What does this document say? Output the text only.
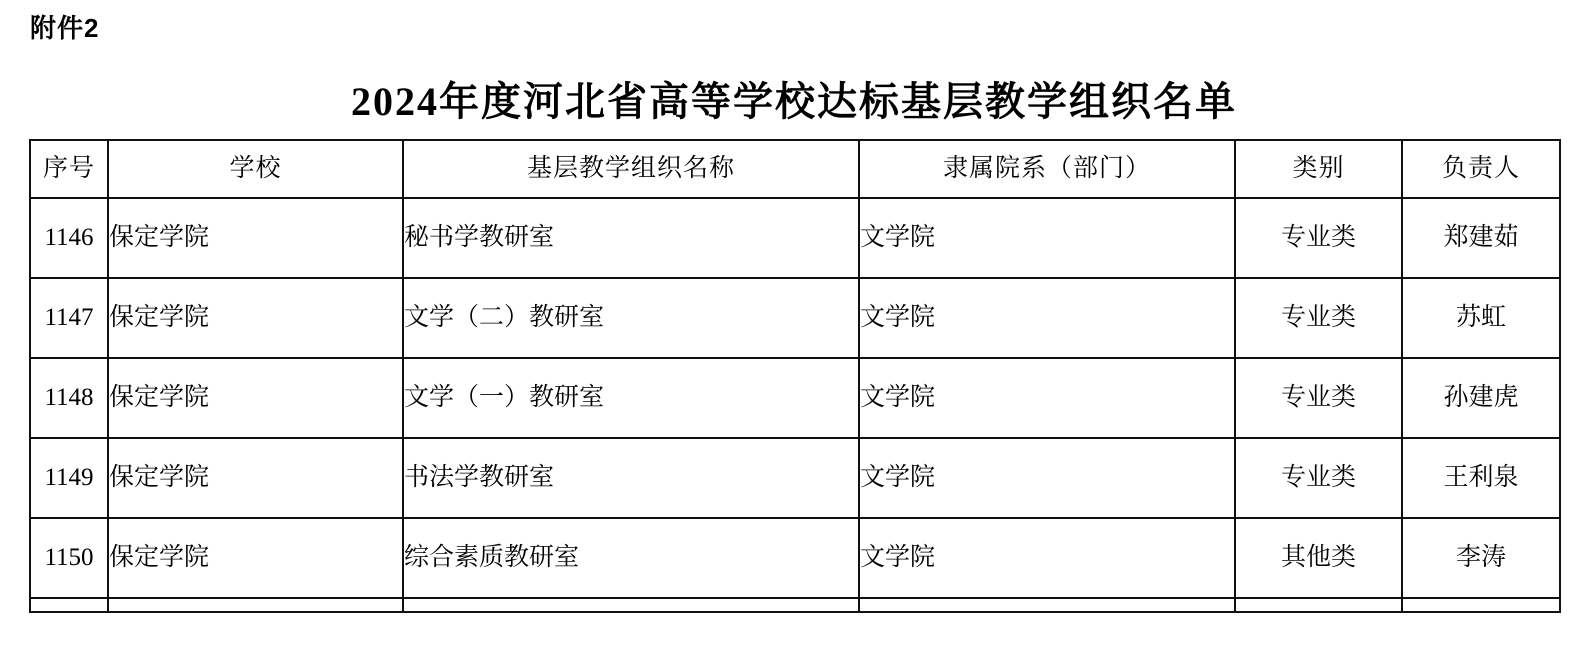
附件2
2024年度河北省高等学校达标基层教学组织名单
序号	学校	基层教学组织名称	隶属院系（部门）	类别	负责人
1146	保定学院	秘书学教研室	文学院	专业类	郑建茹
1147	保定学院	文学（二）教研室	文学院	专业类	苏虹
1148	保定学院	文学（一）教研室	文学院	专业类	孙建虎
1149	保定学院	书法学教研室	文学院	专业类	王利泉
1150	保定学院	综合素质教研室	文学院	其他类	李涛
